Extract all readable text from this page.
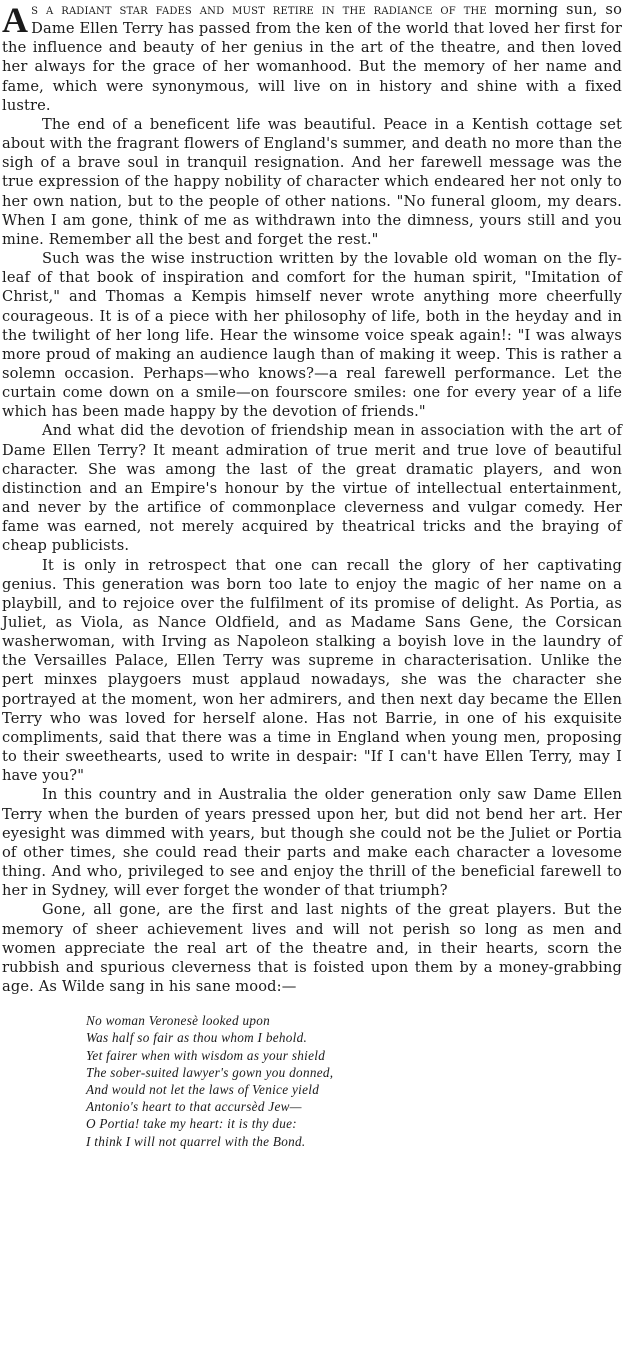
As a radiant star fades and must retire in the radiance of the morning sun, so Dame Ellen Terry has passed from the ken of the world that loved her first for the influence and beauty of her genius in the art of the theatre, and then loved her always for the grace of her womanhood. But the memory of her name and fame, which were synonymous, will live on in history and shine with a fixed lustre.

The end of a beneficent life was beautiful. Peace in a Kentish cottage set about with the fragrant flowers of England's summer, and death no more than the sigh of a brave soul in tranquil resignation. And her farewell message was the true expression of the happy nobility of character which endeared her not only to her own nation, but to the people of other nations. "No funeral gloom, my dears. When I am gone, think of me as withdrawn into the dimness, yours still and you mine. Remember all the best and forget the rest."

Such was the wise instruction written by the lovable old woman on the fly-leaf of that book of inspiration and comfort for the human spirit, "Imitation of Christ," and Thomas a Kempis himself never wrote anything more cheerfully courageous. It is of a piece with her philosophy of life, both in the heyday and in the twilight of her long life. Hear the winsome voice speak again!: "I was always more proud of making an audience laugh than of making it weep. This is rather a solemn occasion. Perhaps—who knows?—a real farewell performance. Let the curtain come down on a smile—on fourscore smiles: one for every year of a life which has been made happy by the devotion of friends."

And what did the devotion of friendship mean in association with the art of Dame Ellen Terry? It meant admiration of true merit and true love of beautiful character. She was among the last of the great dramatic players, and won distinction and an Empire's honour by the virtue of intellectual entertainment, and never by the artifice of commonplace cleverness and vulgar comedy. Her fame was earned, not merely acquired by theatrical tricks and the braying of cheap publicists.

It is only in retrospect that one can recall the glory of her captivating genius. This generation was born too late to enjoy the magic of her name on a playbill, and to rejoice over the fulfilment of its promise of delight. As Portia, as Juliet, as Viola, as Nance Oldfield, and as Madame Sans Gene, the Corsican washerwoman, with Irving as Napoleon stalking a boyish love in the laundry of the Versailles Palace, Ellen Terry was supreme in characterisation. Unlike the pert minxes playgoers must applaud nowadays, she was the character she portrayed at the moment, won her admirers, and then next day became the Ellen Terry who was loved for herself alone. Has not Barrie, in one of his exquisite compliments, said that there was a time in England when young men, proposing to their sweethearts, used to write in despair: "If I can't have Ellen Terry, may I have you?"

In this country and in Australia the older generation only saw Dame Ellen Terry when the burden of years pressed upon her, but did not bend her art. Her eyesight was dimmed with years, but though she could not be the Juliet or Portia of other times, she could read their parts and make each character a lovesome thing. And who, privileged to see and enjoy the thrill of the beneficial farewell to her in Sydney, will ever forget the wonder of that triumph?

Gone, all gone, are the first and last nights of the great players. But the memory of sheer achievement lives and will not perish so long as men and women appreciate the real art of the theatre and, in their hearts, scorn the rubbish and spurious cleverness that is foisted upon them by a money-grabbing age. As Wilde sang in his sane mood:—

No woman Veronesè looked upon
Was half so fair as thou whom I behold.
Yet fairer when with wisdom as your shield
The sober-suited lawyer's gown you donned,
And would not let the laws of Venice yield
Antonio's heart to that accursèd Jew—
O Portia! take my heart: it is thy due:
I think I will not quarrel with the Bond.
